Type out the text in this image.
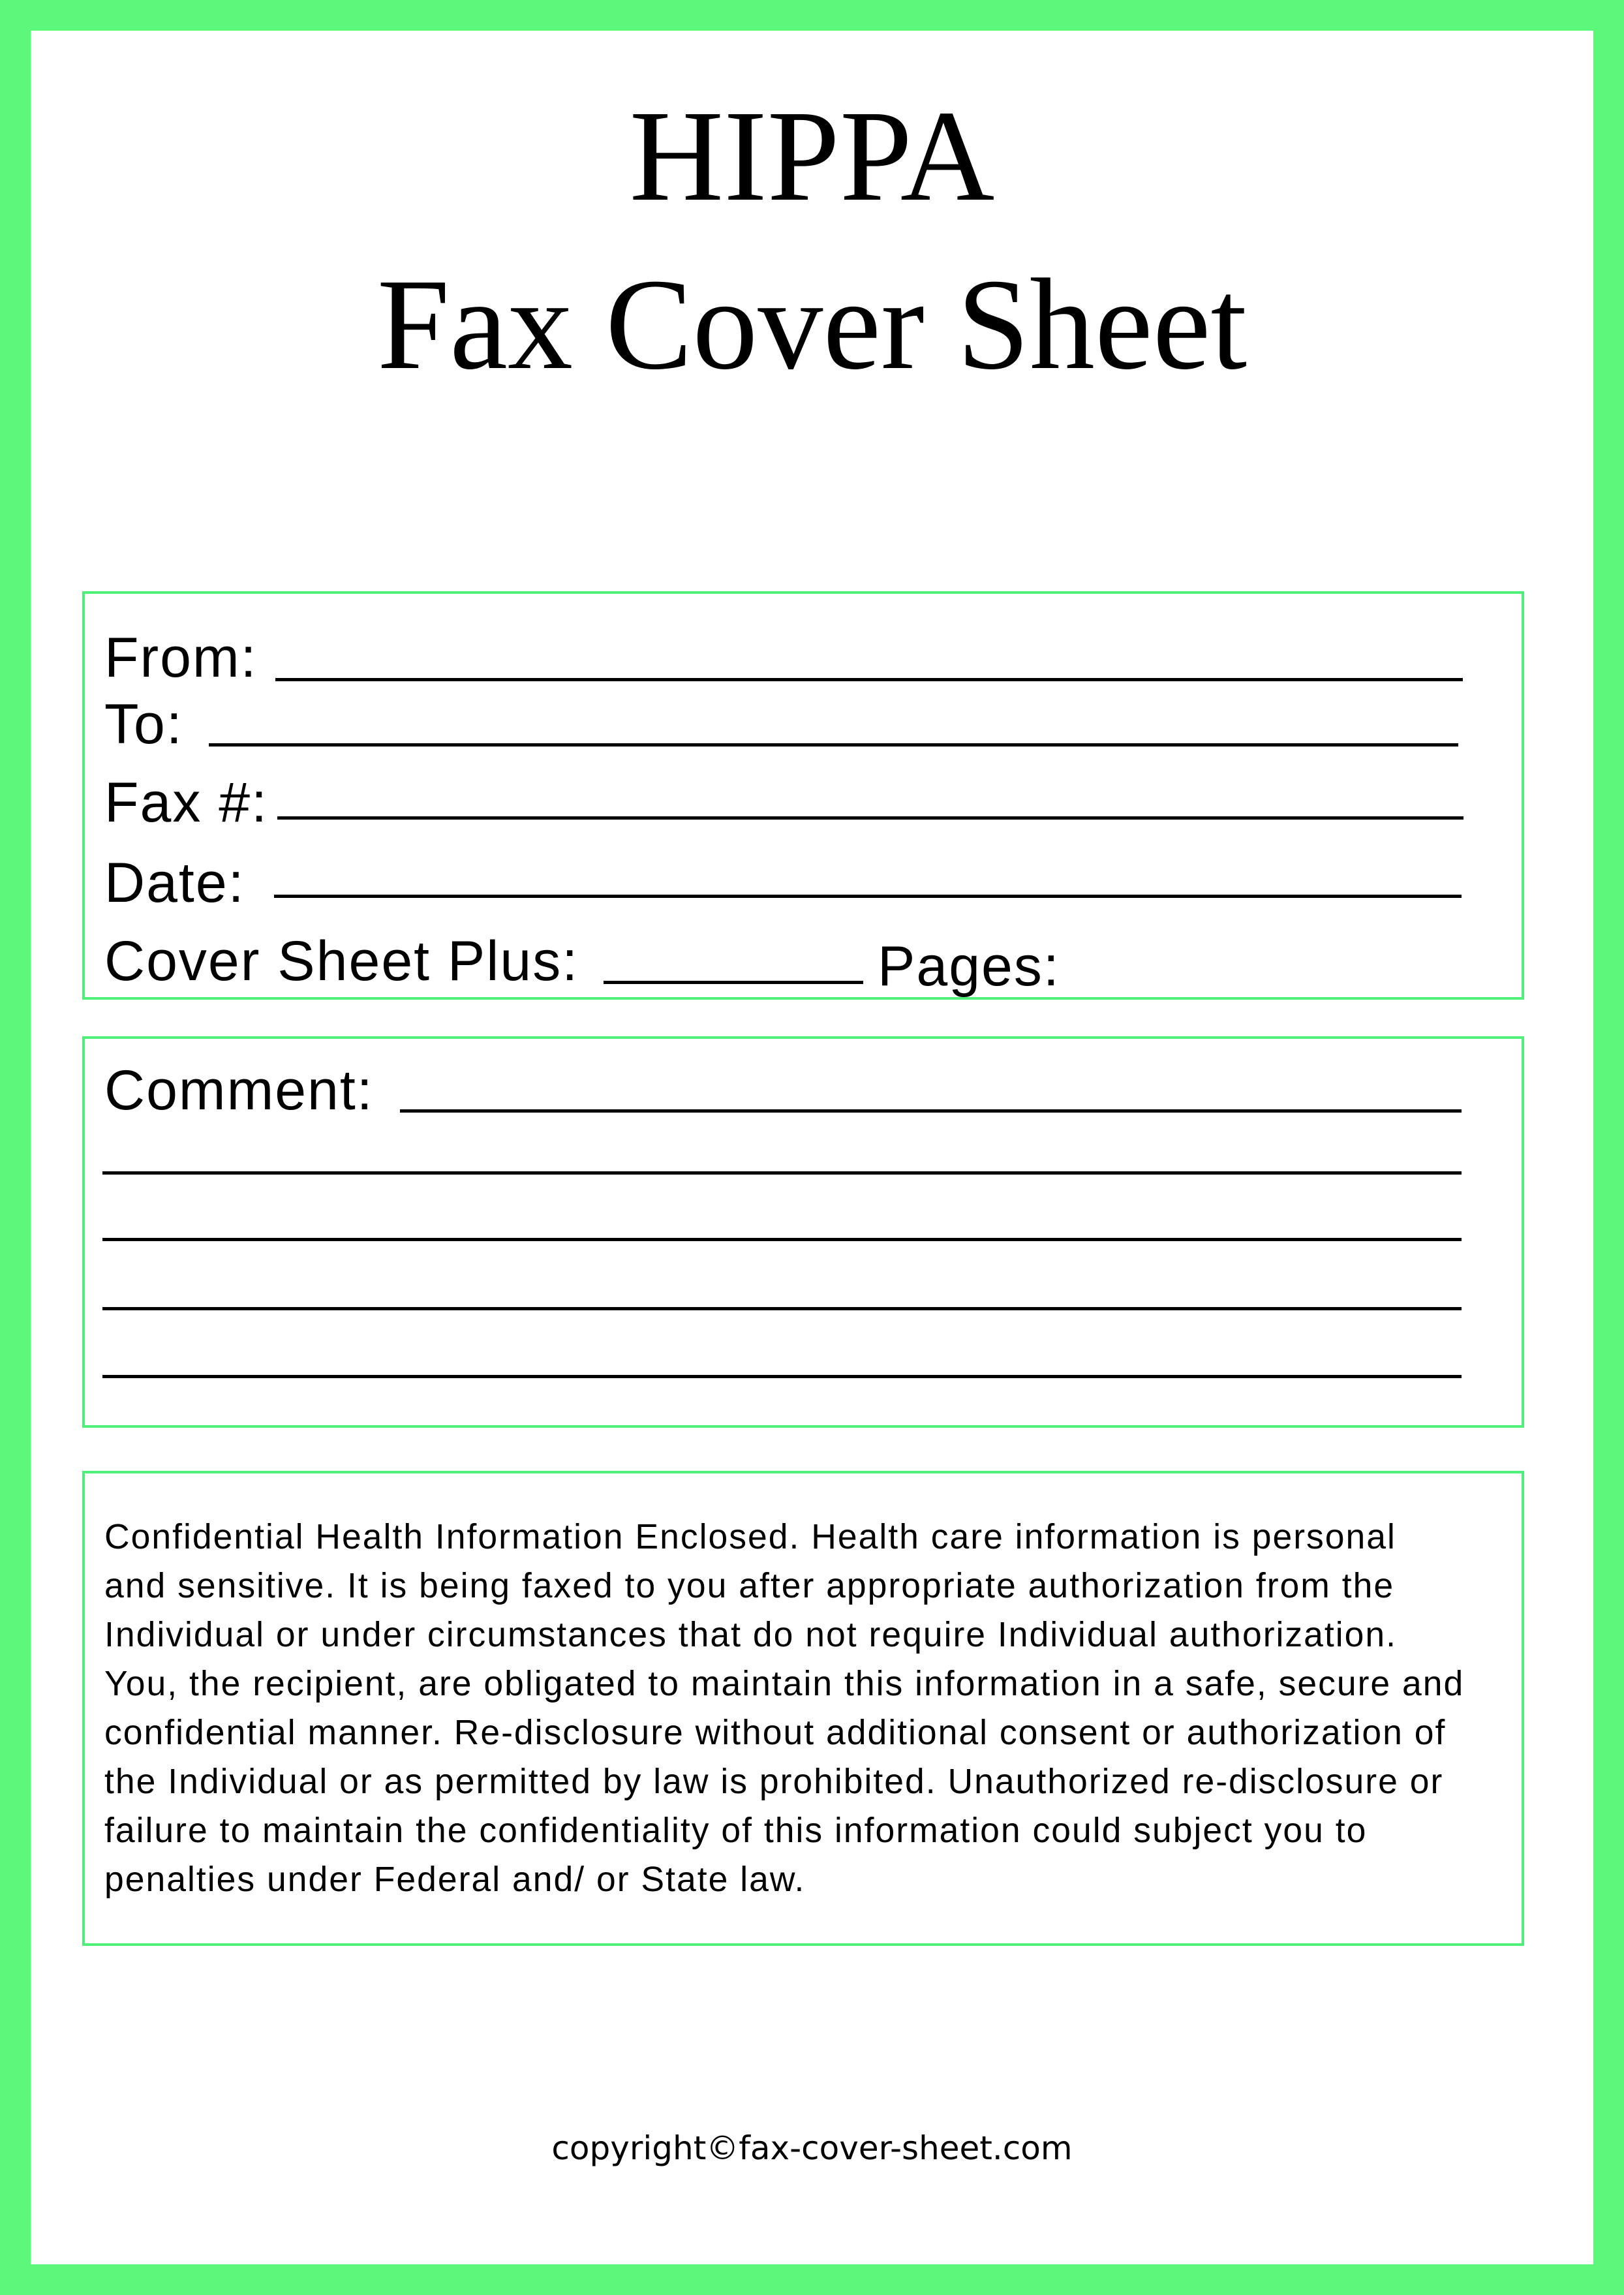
HIPPA
Fax Cover Sheet
From:
To:
Fax #:
Date:
Cover Sheet Plus:	Pages:
Comment:
Confidential Health Information Enclosed. Health care information is personal
and sensitive. It is being faxed to you after appropriate authorization from the
Individual or under circumstances that do not require Individual authorization.
You, the recipient, are obligated to maintain this information in a safe, secure and
confidential manner. Re-disclosure without additional consent or authorization of
the Individual or as permitted by law is prohibited. Unauthorized re-disclosure or
failure to maintain the confidentiality of this information could subject you to
penalties under Federal and/ or State law.
copyright©fax-cover-sheet.com
